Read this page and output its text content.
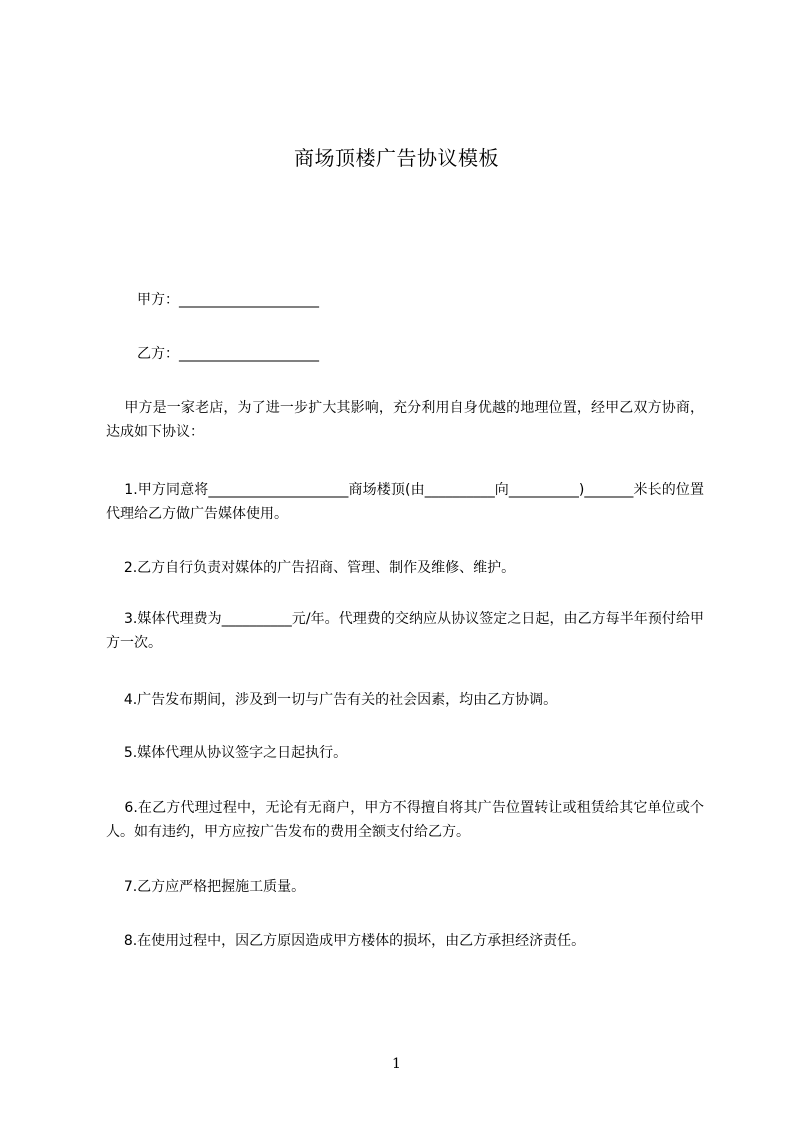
商场顶楼广告协议模板
甲方：____________________
乙方：____________________
甲方是一家老店，为了进一步扩大其影响，充分利用自身优越的地理位置，经甲乙双方协商，达成如下协议：
1.甲方同意将____________________商场楼顶(由__________向__________)_______米长的位置代理给乙方做广告媒体使用。
2.乙方自行负责对媒体的广告招商、管理、制作及维修、维护。
3.媒体代理费为__________元/年。代理费的交纳应从协议签定之日起，由乙方每半年预付给甲方一次。
4.广告发布期间，涉及到一切与广告有关的社会因素，均由乙方协调。
5.媒体代理从协议签字之日起执行。
6.在乙方代理过程中，无论有无商户，甲方不得擅自将其广告位置转让或租赁给其它单位或个人。如有违约，甲方应按广告发布的费用全额支付给乙方。
7.乙方应严格把握施工质量。
8.在使用过程中，因乙方原因造成甲方楼体的损坏，由乙方承担经济责任。
1
